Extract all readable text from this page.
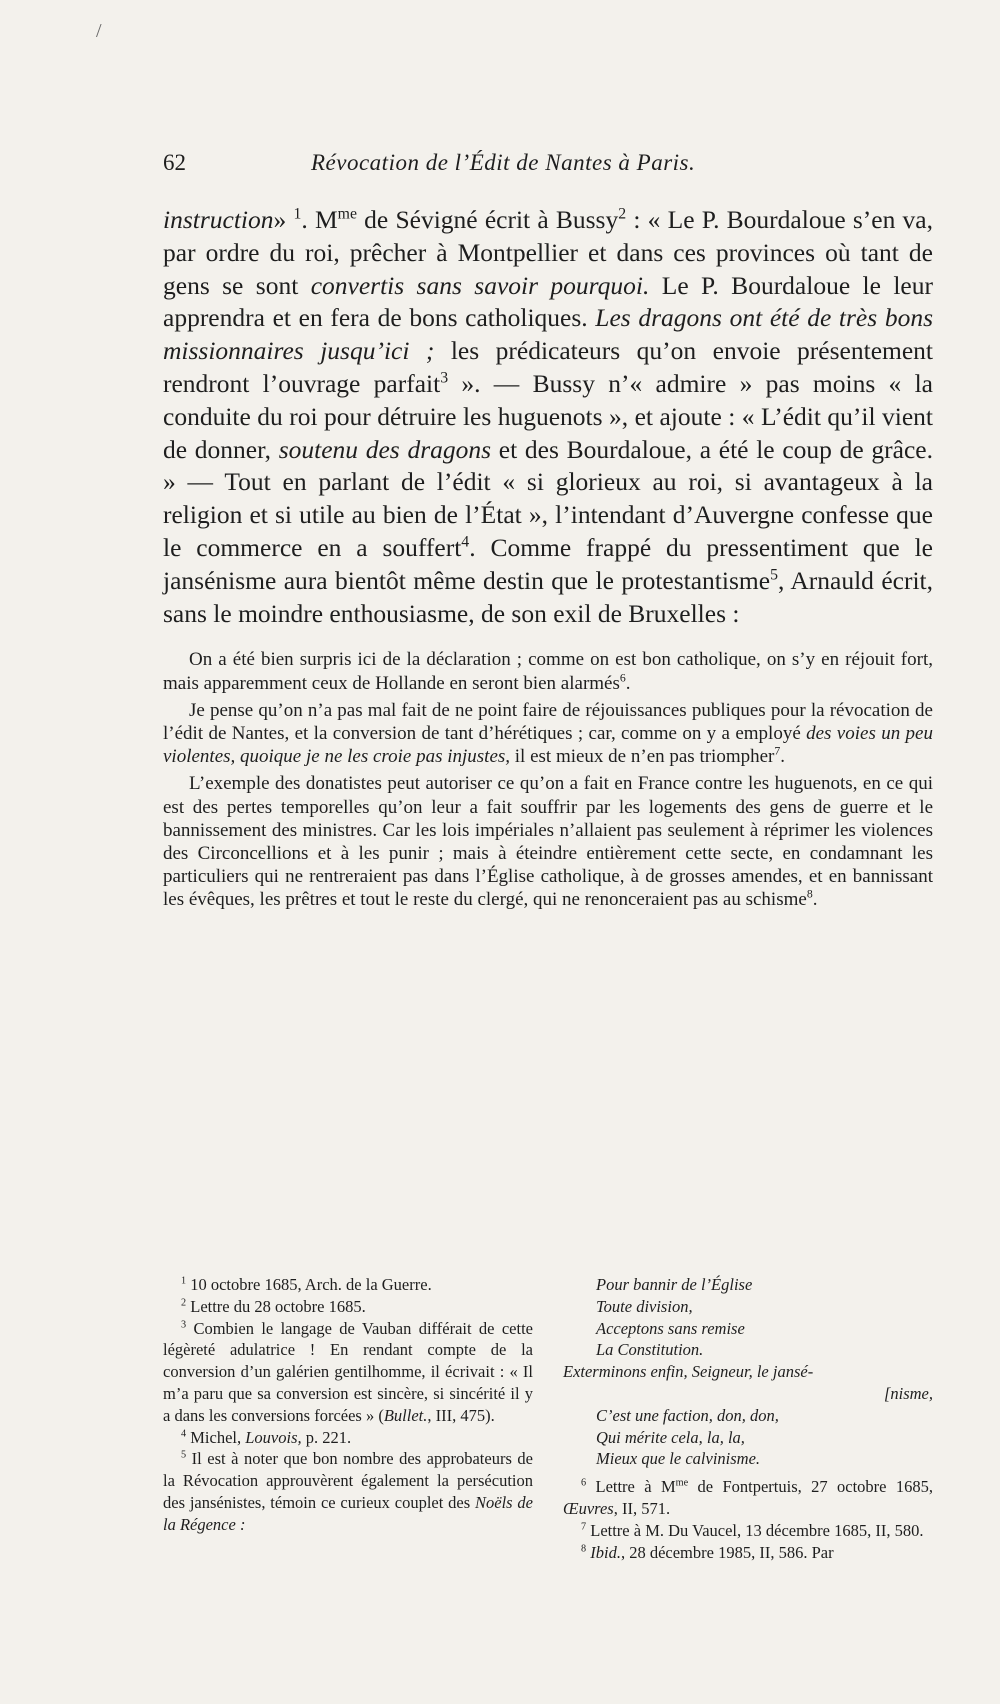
/
62	Révocation de l’Édit de Nantes à Paris.

instruction» $^1$. $M^{me}$ de Sévigné écrit à Bussy$^2$ : « Le P. Bourdaloue s’en va, par ordre du roi, prêcher à Montpellier et dans ces provinces où tant de gens se sont convertis sans savoir pourquoi. Le P. Bourdaloue le leur apprendra et en fera de bons catholiques. Les dragons ont été de très bons missionnaires jusqu’ici ; les prédicateurs qu’on envoie présentement rendront l’ouvrage parfait$^3$ ». — Bussy n’« admire » pas moins « la conduite du roi pour détruire les huguenots », et ajoute : « L’édit qu’il vient de donner, soutenu des dragons et des Bourdaloue, a été le coup de grâce. » — Tout en parlant de l’édit « si glorieux au roi, si avantageux à la religion et si utile au bien de l’État », l’intendant d’Auvergne confesse que le commerce en a souffert$^4$. Comme frappé du pressentiment que le jansénisme aura bientôt même destin que le protestantisme$^5$, Arnauld écrit, sans le moindre enthousiasme, de son exil de Bruxelles :

On a été bien surpris ici de la déclaration ; comme on est bon catholique, on s’y en réjouit fort, mais apparemment ceux de Hollande en seront bien alarmés$^6$.

Je pense qu’on n’a pas mal fait de ne point faire de réjouissances publiques pour la révocation de l’édit de Nantes, et la conversion de tant d’hérétiques ; car, comme on y a employé des voies un peu violentes, quoique je ne les croie pas injustes, il est mieux de n’en pas triompher$^7$.

L’exemple des donatistes peut autoriser ce qu’on a fait en France contre les huguenots, en ce qui est des pertes temporelles qu’on leur a fait souffrir par les logements des gens de guerre et le bannissement des ministres. Car les lois impériales n’allaient pas seulement à réprimer les violences des Circoncellions et à les punir ; mais à éteindre entièrement cette secte, en condamnant les particuliers qui ne rentreraient pas dans l’Église catholique, à de grosses amendes, et en bannissant les évêques, les prêtres et tout le reste du clergé, qui ne renonceraient pas au schisme$^8$.

$^1$ 10 octobre 1685, Arch. de la Guerre.

$^2$ Lettre du 28 octobre 1685.

$^3$ Combien le langage de Vauban différait de cette légèreté adulatrice ! En rendant compte de la conversion d’un galérien gentilhomme, il écrivait : « Il m’a paru que sa conversion est sincère, si sincérité il y a dans les conversions forcées » (Bullet., III, 475).

$^4$ Michel, Louvois, p. 221.

$^5$ Il est à noter que bon nombre des approbateurs de la Révocation approuvèrent également la persécution des jansénistes, témoin ce curieux couplet des Noëls de la Régence :

Pour bannir de l’Église
Toute division,
Acceptons sans remise
La Constitution.
Exterminons enfin, Seigneur, le jansé-
[nisme,
C’est une faction, don, don,
Qui mérite cela, la, la,
Mieux que le calvinisme.

$^6$ Lettre à $M^{me}$ de Fontpertuis, 27 octobre 1685, Œuvres, II, 571.

$^7$ Lettre à M. Du Vaucel, 13 décembre 1685, II, 580.

$^8$ Ibid., 28 décembre 1985, II, 586. Par
